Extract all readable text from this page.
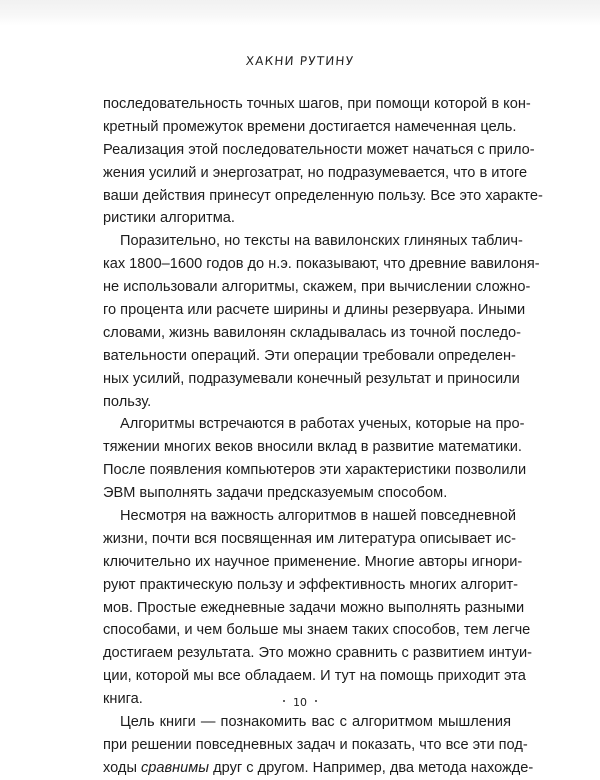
ХАКНИ РУТИНУ

последовательность точных шагов, при помощи которой в кон-
кретный промежуток времени достигается намеченная цель.
Реализация этой последовательности может начаться с прило-
жения усилий и энергозатрат, но подразумевается, что в итоге
ваши действия принесут определенную пользу. Все это характе-
ристики алгоритма.

Поразительно, но тексты на вавилонских глиняных таблич-
ках 1800–1600 годов до н.э. показывают, что древние вавилоня-
не использовали алгоритмы, скажем, при вычислении сложно-
го процента или расчете ширины и длины резервуара. Иными
словами, жизнь вавилонян складывалась из точной последо-
вательности операций. Эти операции требовали определен-
ных усилий, подразумевали конечный результат и приносили
пользу.

Алгоритмы встречаются в работах ученых, которые на про-
тяжении многих веков вносили вклад в развитие математики.
После появления компьютеров эти характеристики позволили
ЭВМ выполнять задачи предсказуемым способом.

Несмотря на важность алгоритмов в нашей повседневной
жизни, почти вся посвященная им литература описывает ис-
ключительно их научное применение. Многие авторы игнори-
руют практическую пользу и эффективность многих алгорит-
мов. Простые ежедневные задачи можно выполнять разными
способами, и чем больше мы знаем таких способов, тем легче
достигаем результата. Это можно сравнить с развитием интуи-
ции, которой мы все обладаем. И тут на помощь приходит эта
книга.

Цель книги — познакомить вас с алгоритмом мышления
при решении повседневных задач и показать, что все эти под-
ходы сравнимы друг с другом. Например, два метода нахожде-

10
